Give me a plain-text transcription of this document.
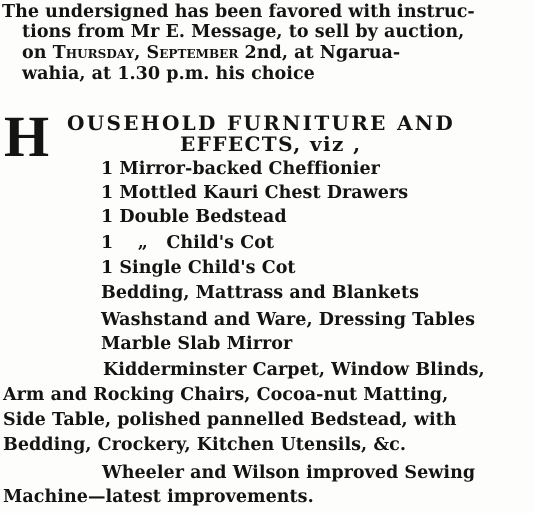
The undersigned has been favored with instruc-
tions from Mr E. Message, to sell by auction,
on Thursday, September 2nd, at Ngarua-
wahia, at 1.30 p.m. his choice
H OUSEHOLD FURNITURE AND
EFFECTS, viz ,
1 Mirror-backed Cheffionier
1 Mottled Kauri Chest Drawers
1 Double Bedstead
1    „   Child's Cot
1 Single Child's Cot
Bedding, Mattrass and Blankets
Washstand and Ware, Dressing Tables
Marble Slab Mirror
Kidderminster Carpet, Window Blinds,
Arm and Rocking Chairs, Cocoa-nut Matting,
Side Table, polished pannelled Bedstead, with
Bedding, Crockery, Kitchen Utensils, &c.
Wheeler and Wilson improved Sewing
Machine—latest improvements.
